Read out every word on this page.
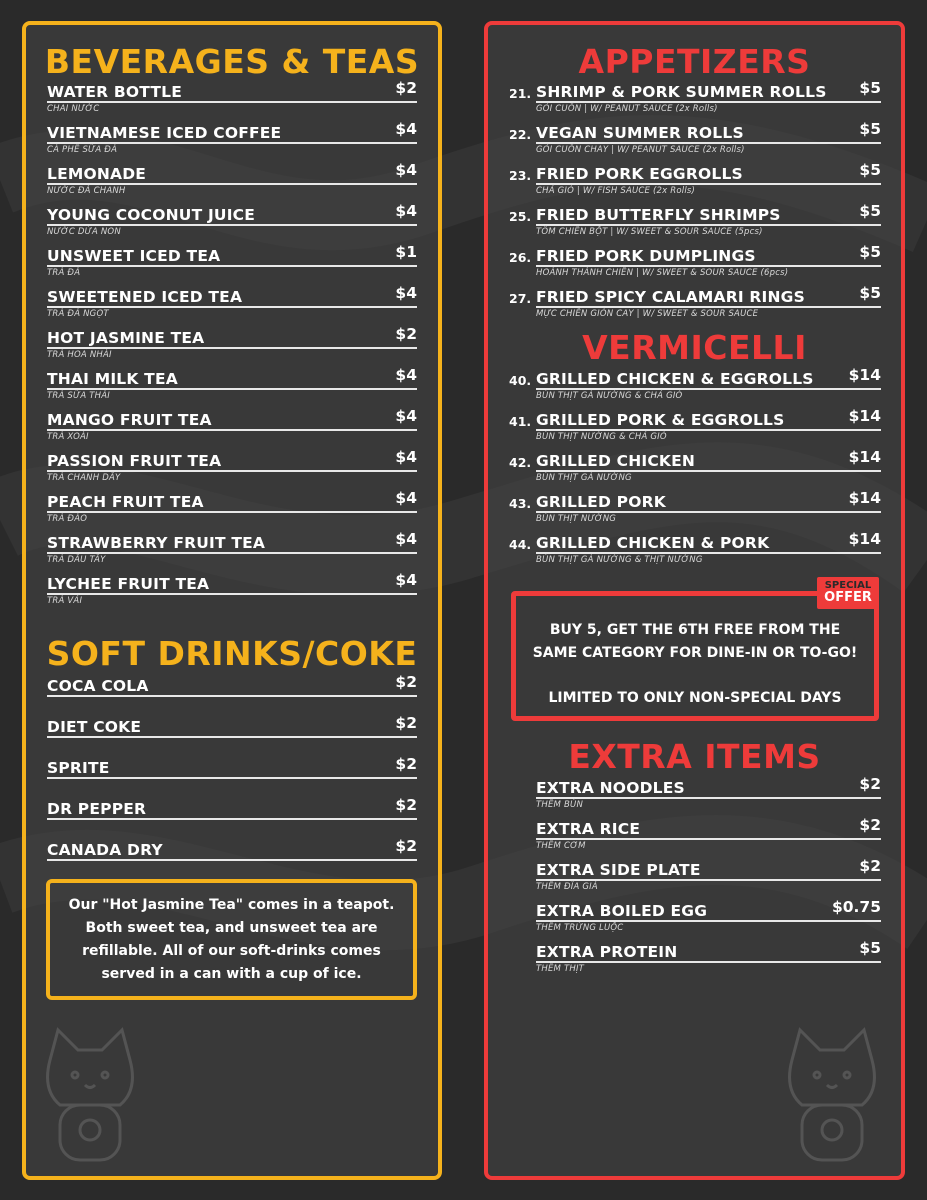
BEVERAGES & TEAS
WATER BOTTLE	$2
CHAI NƯỚC
VIETNAMESE ICED COFFEE	$4
CÀ PHÊ SỮA ĐÁ
LEMONADE	$4
NƯỚC ĐÁ CHANH
YOUNG COCONUT JUICE	$4
NƯỚC DỪA NON
UNSWEET ICED TEA	$1
TRÀ ĐÁ
SWEETENED ICED TEA	$4
TRÀ ĐÁ NGỌT
HOT JASMINE TEA	$2
TRÀ HOA NHÀI
THAI MILK TEA	$4
TRÀ SỮA THÁI
MANGO FRUIT TEA	$4
TRÀ XOÀI
PASSION FRUIT TEA	$4
TRÀ CHANH DÂY
PEACH FRUIT TEA	$4
TRÀ ĐÀO
STRAWBERRY FRUIT TEA	$4
TRÀ DÂU TÂY
LYCHEE FRUIT TEA	$4
TRÀ VẢI
SOFT DRINKS/COKE
COCA COLA	$2
DIET COKE	$2
SPRITE	$2
DR PEPPER	$2
CANADA DRY	$2
Our "Hot Jasmine Tea" comes in a teapot. Both sweet tea, and unsweet tea are refillable. All of our soft-drinks comes served in a can with a cup of ice.
APPETIZERS
21. SHRIMP & PORK SUMMER ROLLS $5
GỎI CUỐN | W/ PEANUT SAUCE (2x Rolls)
22. VEGAN SUMMER ROLLS	$5
GỎI CUỐN CHAY | W/ PEANUT SAUCE (2x Rolls)
23. FRIED PORK EGGROLLS	$5
CHẢ GIÒ | W/ FISH SAUCE (2x Rolls)
25. FRIED BUTTERFLY SHRIMPS	$5
TÔM CHIÊN BỘT | W/ SWEET & SOUR SAUCE (5pcs)
26. FRIED PORK DUMPLINGS	$5
HOÀNH THÁNH CHIÊN | W/ SWEET & SOUR SAUCE (6pcs)
27. FRIED SPICY CALAMARI RINGS	$5
MỰC CHIÊN GIÒN CAY | W/ SWEET & SOUR SAUCE
VERMICELLI
40. GRILLED CHICKEN & EGGROLLS $14
BÚN THỊT GÀ NƯỚNG & CHẢ GIÒ
41. GRILLED PORK & EGGROLLS	$14
BÚN THỊT NƯỚNG & CHẢ GIÒ
42. GRILLED CHICKEN	$14
BÚN THỊT GÀ NƯỚNG
43. GRILLED PORK	$14
BÚN THỊT NƯỚNG
44. GRILLED CHICKEN & PORK	$14
BÚN THỊT GÀ NƯỚNG & THỊT NƯỚNG
SPECIAL
OFFER
BUY 5, GET THE 6TH FREE FROM THE
SAME CATEGORY FOR DINE-IN OR TO-GO!
LIMITED TO ONLY NON-SPECIAL DAYS
EXTRA ITEMS
EXTRA NOODLES	$2
THÊM BÚN
EXTRA RICE	$2
THÊM CƠM
EXTRA SIDE PLATE	$2
THÊM ĐĨA GIÁ
EXTRA BOILED EGG	$0.75
THÊM TRỨNG LUỘC
EXTRA PROTEIN	$5
THÊM THỊT
